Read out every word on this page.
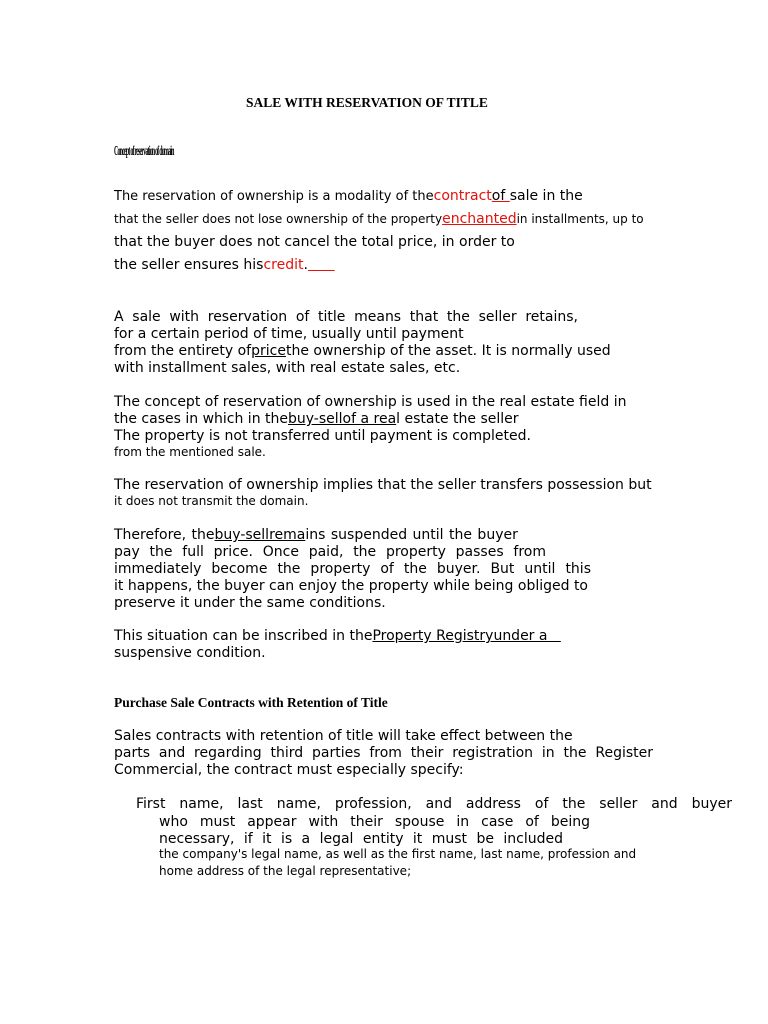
SALE WITH RESERVATION OF TITLE
Concept of reservation of domain
The reservation of ownership is a modality of thecontractof sale in the
that the seller does not lose ownership of the propertyenchantedin installments, up to
that the buyer does not cancel the total price, in order to
the seller ensures hiscredit.
A sale with reservation of title means that the seller retains,
for a certain period of time, usually until payment
from the entirety ofpricethe ownership of the asset. It is normally used
with installment sales, with real estate sales, etc.
The concept of reservation of ownership is used in the real estate field in
the cases in which in thebuy-sellof a real estate the seller
The property is not transferred until payment is completed.
from the mentioned sale.
The reservation of ownership implies that the seller transfers possession but
it does not transmit the domain.
Therefore, thebuy-sellremains suspended until the buyer
pay the full price. Once paid, the property passes from
immediately become the property of the buyer. But until this
it happens, the buyer can enjoy the property while being obliged to
preserve it under the same conditions.
This situation can be inscribed in theProperty Registryunder a
suspensive condition.
Purchase Sale Contracts with Retention of Title
Sales contracts with retention of title will take effect between the
parts and regarding third parties from their registration in the Register
Commercial, the contract must especially specify:
First name, last name, profession, and address of the seller and buyer
who must appear with their spouse in case of being
necessary, if it is a legal entity it must be included
the company's legal name, as well as the first name, last name, profession and
home address of the legal representative;
